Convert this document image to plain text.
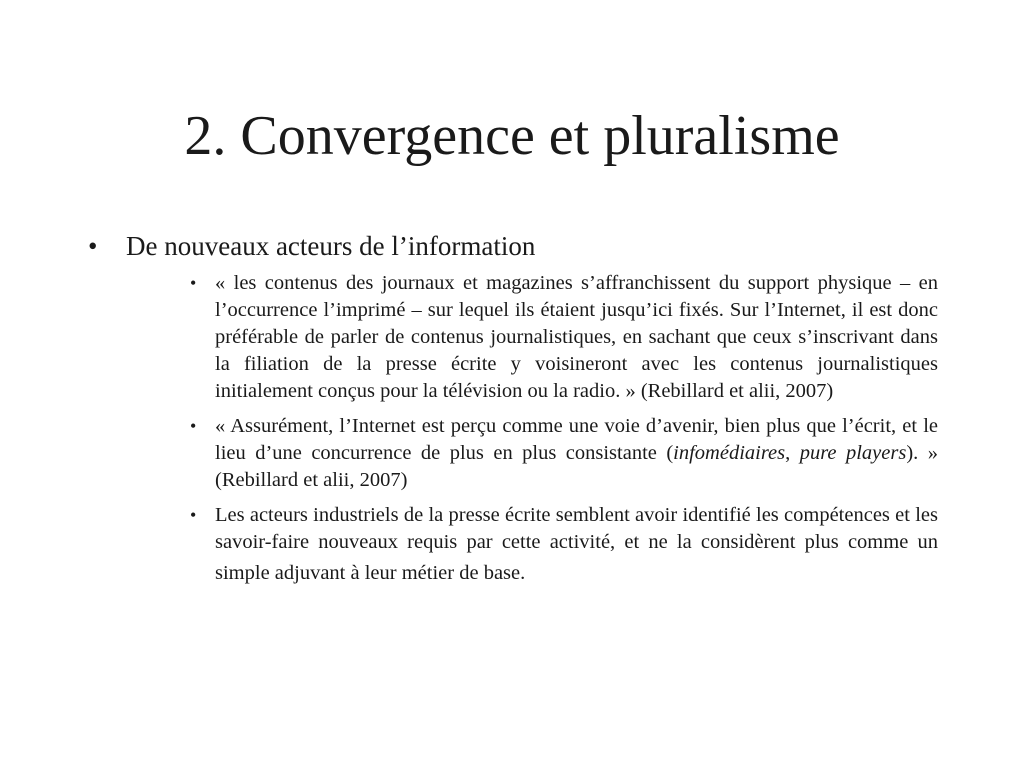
2. Convergence et pluralisme
•	De nouveaux acteurs de l’information
• « les contenus des journaux et magazines s’affranchissent du support physique – en l’occurrence l’imprimé – sur lequel ils étaient jusqu’ici fixés. Sur l’Internet, il est donc préférable de parler de contenus journalistiques, en sachant que ceux s’inscrivant dans la filiation de la presse écrite y voisineront avec les contenus journalistiques initialement conçus pour la télévision ou la radio. » (Rebillard et alii, 2007)
• « Assurément, l’Internet est perçu comme une voie d’avenir, bien plus que l’écrit, et le lieu d’une concurrence de plus en plus consistante (infomédiaires, pure players). » (Rebillard et alii, 2007)
• Les acteurs industriels de la presse écrite semblent avoir identifié les compétences et les savoir-faire nouveaux requis par cette activité, et ne la considèrent plus comme un simple adjuvant à leur métier de base.
